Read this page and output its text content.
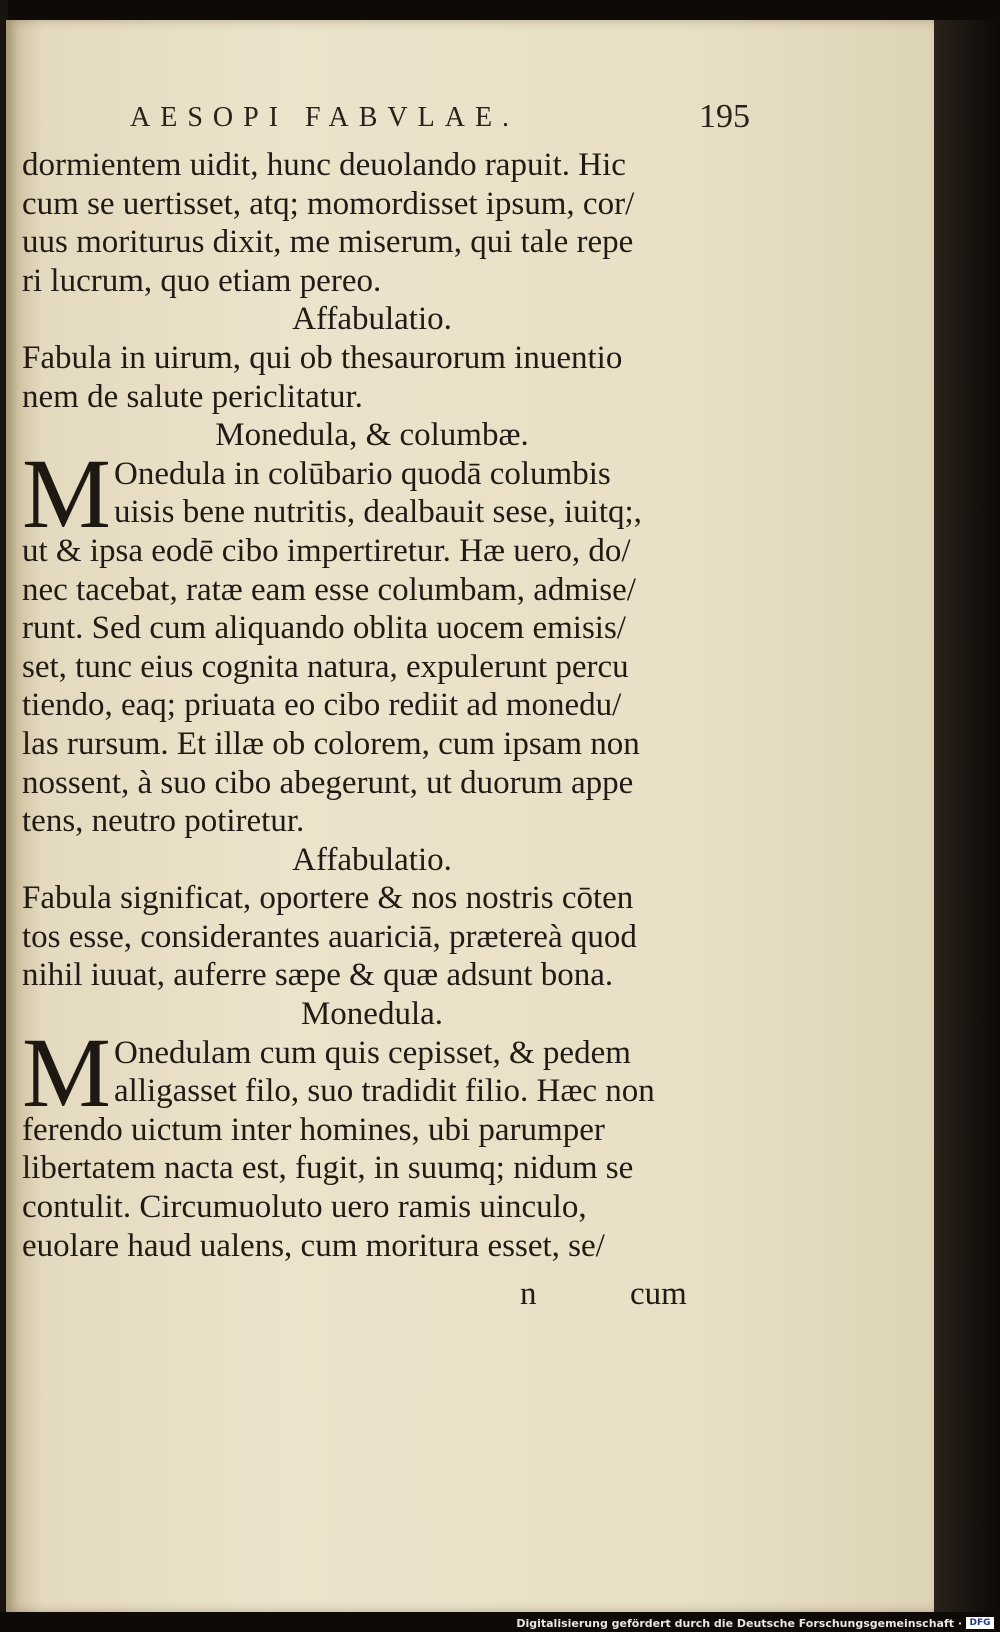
AESOPI FABVLAE.	195
dormientem uidit, hunc deuolando rapuit. Hic
cum se uertisset, atq; momordisset ipsum, cor/
uus moriturus dixit, me miserum, qui tale repe
ri lucrum, quo etiam pereo.
Affabulatio.
Fabula in uirum, qui ob thesaurorum inuentio
nem de salute periclitatur.
Monedula, & columbæ.
M Onedula in colūbario quodā columbis
uisis bene nutritis, dealbauit sese, iuitq;,
ut & ipsa eodē cibo impertiretur. Hæ uero, do/
nec tacebat, ratæ eam esse columbam, admise/
runt. Sed cum aliquando oblita uocem emisis/
set, tunc eius cognita natura, expulerunt percu
tiendo, eaq; priuata eo cibo rediit ad monedu/
las rursum. Et illæ ob colorem, cum ipsam non
nossent, à suo cibo abegerunt, ut duorum appe
tens, neutro potiretur.
Affabulatio.
Fabula significat, oportere & nos nostris cōten
tos esse, considerantes auariciā, prætereà quod
nihil iuuat, auferre sæpe & quæ adsunt bona.
Monedula.
M Onedulam cum quis cepisset, & pedem
alligasset filo, suo tradidit filio. Hæc non
ferendo uictum inter homines, ubi parumper
libertatem nacta est, fugit, in suumq; nidum se
contulit. Circumuoluto uero ramis uinculo,
euolare haud ualens, cum moritura esset, se/
n	cum
Digitalisierung gefördert durch die Deutsche Forschungsgemeinschaft · DFG
